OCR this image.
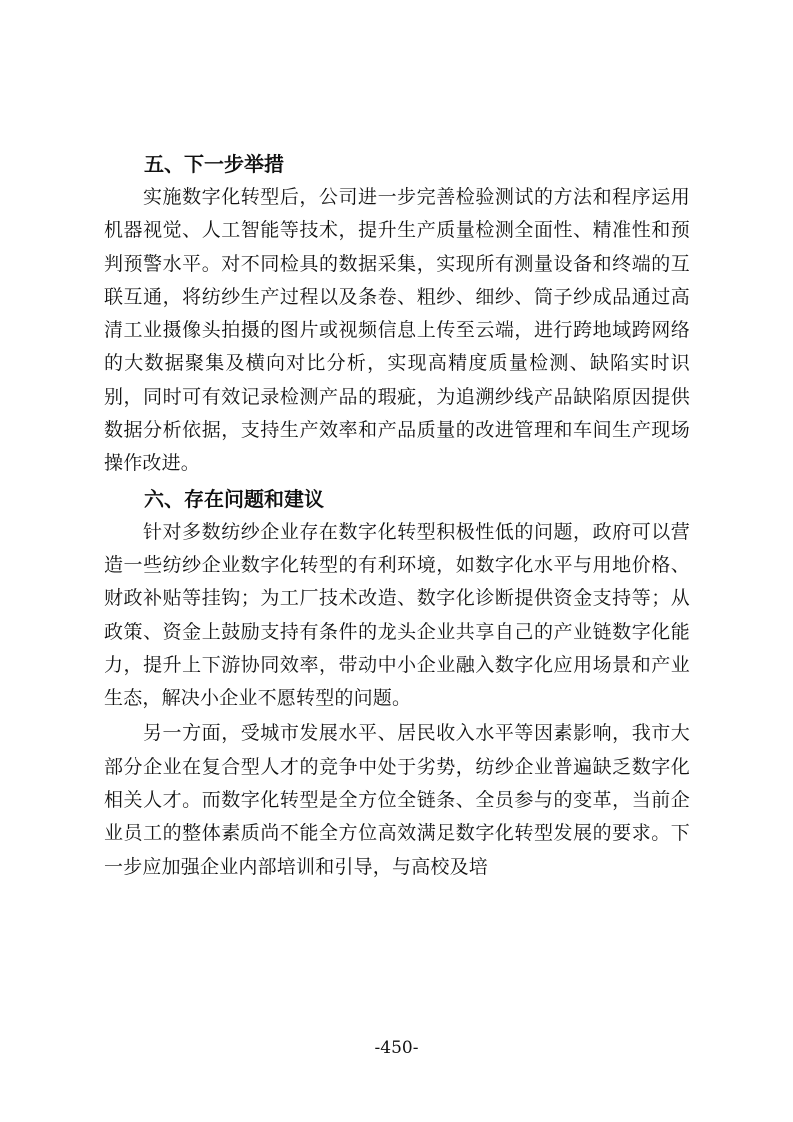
五、下一步举措

实施数字化转型后，公司进一步完善检验测试的方法和程序运用机器视觉、人工智能等技术，提升生产质量检测全面性、精准性和预判预警水平。对不同检具的数据采集，实现所有测量设备和终端的互联互通，将纺纱生产过程以及条卷、粗纱、细纱、筒子纱成品通过高清工业摄像头拍摄的图片或视频信息上传至云端，进行跨地域跨网络的大数据聚集及横向对比分析，实现高精度质量检测、缺陷实时识别，同时可有效记录检测产品的瑕疵，为追溯纱线产品缺陷原因提供数据分析依据，支持生产效率和产品质量的改进管理和车间生产现场操作改进。

六、存在问题和建议

针对多数纺纱企业存在数字化转型积极性低的问题，政府可以营造一些纺纱企业数字化转型的有利环境，如数字化水平与用地价格、财政补贴等挂钩；为工厂技术改造、数字化诊断提供资金支持等；从政策、资金上鼓励支持有条件的龙头企业共享自己的产业链数字化能力，提升上下游协同效率，带动中小企业融入数字化应用场景和产业生态，解决小企业不愿转型的问题。

另一方面，受城市发展水平、居民收入水平等因素影响，我市大部分企业在复合型人才的竞争中处于劣势，纺纱企业普遍缺乏数字化相关人才。而数字化转型是全方位全链条、全员参与的变革，当前企业员工的整体素质尚不能全方位高效满足数字化转型发展的要求。下一步应加强企业内部培训和引导，与高校及培

-450-
